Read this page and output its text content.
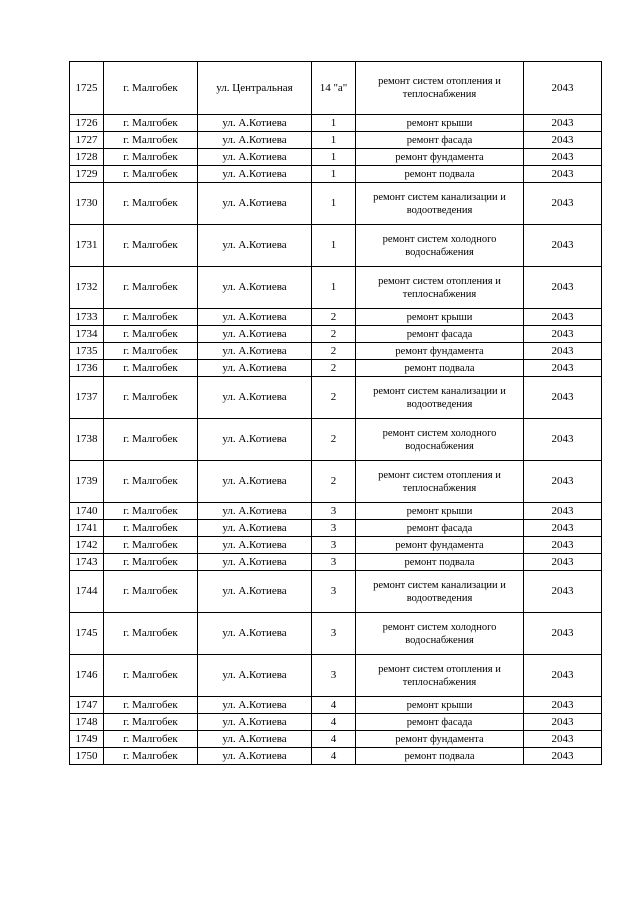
1725	г. Малгобек	ул. Центральная	14 "а"	ремонт систем отопления и теплоснабжения	2043
1726	г. Малгобек	ул. А.Котиева	1	ремонт крыши	2043
1727	г. Малгобек	ул. А.Котиева	1	ремонт фасада	2043
1728	г. Малгобек	ул. А.Котиева	1	ремонт фундамента	2043
1729	г. Малгобек	ул. А.Котиева	1	ремонт подвала	2043
1730	г. Малгобек	ул. А.Котиева	1	ремонт систем канализации и водоотведения	2043
1731	г. Малгобек	ул. А.Котиева	1	ремонт систем холодного водоснабжения	2043
1732	г. Малгобек	ул. А.Котиева	1	ремонт систем отопления и теплоснабжения	2043
1733	г. Малгобек	ул. А.Котиева	2	ремонт крыши	2043
1734	г. Малгобек	ул. А.Котиева	2	ремонт фасада	2043
1735	г. Малгобек	ул. А.Котиева	2	ремонт фундамента	2043
1736	г. Малгобек	ул. А.Котиева	2	ремонт подвала	2043
1737	г. Малгобек	ул. А.Котиева	2	ремонт систем канализации и водоотведения	2043
1738	г. Малгобек	ул. А.Котиева	2	ремонт систем холодного водоснабжения	2043
1739	г. Малгобек	ул. А.Котиева	2	ремонт систем отопления и теплоснабжения	2043
1740	г. Малгобек	ул. А.Котиева	3	ремонт крыши	2043
1741	г. Малгобек	ул. А.Котиева	3	ремонт фасада	2043
1742	г. Малгобек	ул. А.Котиева	3	ремонт фундамента	2043
1743	г. Малгобек	ул. А.Котиева	3	ремонт подвала	2043
1744	г. Малгобек	ул. А.Котиева	3	ремонт систем канализации и водоотведения	2043
1745	г. Малгобек	ул. А.Котиева	3	ремонт систем холодного водоснабжения	2043
1746	г. Малгобек	ул. А.Котиева	3	ремонт систем отопления и теплоснабжения	2043
1747	г. Малгобек	ул. А.Котиева	4	ремонт крыши	2043
1748	г. Малгобек	ул. А.Котиева	4	ремонт фасада	2043
1749	г. Малгобек	ул. А.Котиева	4	ремонт фундамента	2043
1750	г. Малгобек	ул. А.Котиева	4	ремонт подвала	2043
